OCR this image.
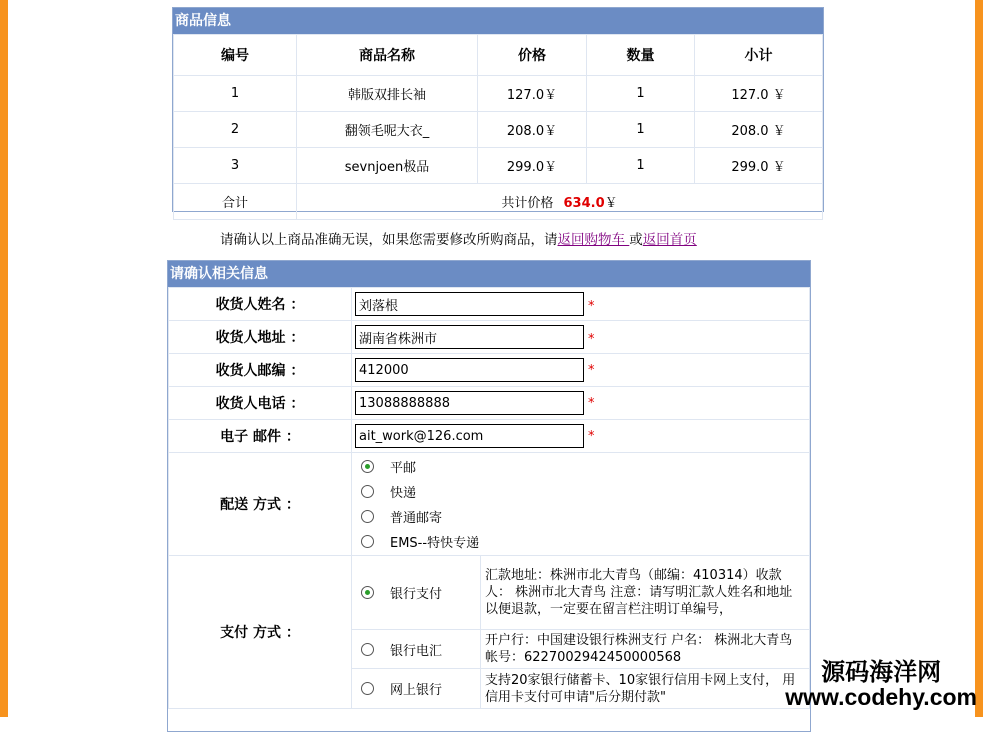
商品信息
编号	商品名称	价格	数量	小计
1	韩版双排长袖	127.0￥	1	127.0 ￥
2	翻领毛呢大衣_	208.0￥	1	208.0 ￥
3	sevnjoen极品	299.0￥	1	299.0 ￥
合计	共计价格 634.0￥			
请确认以上商品准确无误，如果您需要修改所购商品，请返回购物车 或返回首页
请确认相关信息
收货人姓名 ：	刘落根*
收货人地址 ：	湖南省株洲市*
收货人邮编 ：	412000*
收货人电话 ：	13088888888*
电子 邮件 ：	ait_work@126.com*
配送 方式 ：	平邮
快递
普通邮寄
EMS--特快专递	

支付 方式 ：	银行支付	汇款地址：株洲市北大青鸟（邮编：410314）收款人： 株洲市北大青鸟 注意：请写明汇款人姓名和地址以便退款，一定要在留言栏注明订单编号，

	银行电汇	开户行：中国建设银行株洲支行 户名： 株洲北大青鸟 帐号：6227002942450000568

	网上银行	支持20家银行储蓄卡、10家银行信用卡网上支付， 用信用卡支付可申请"后分期付款"
源码海洋网
www.codehy.com
